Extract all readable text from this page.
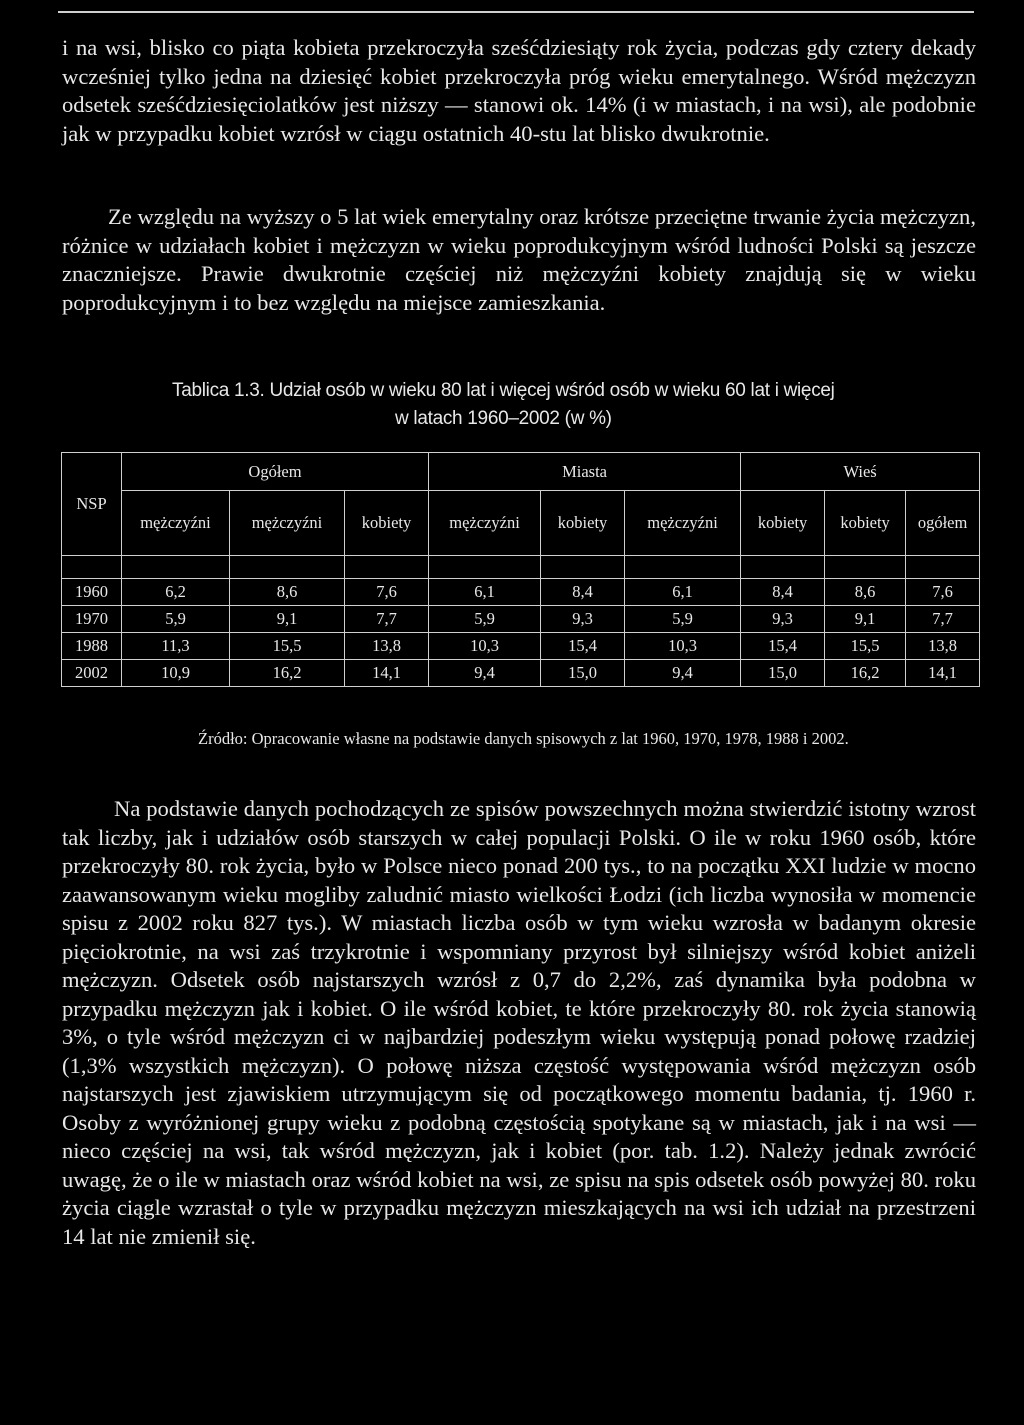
i na wsi, blisko co piąta kobieta przekroczyła sześćdziesiąty rok życia, podczas gdy cztery dekady wcześniej tylko jedna na dziesięć kobiet przekroczyła próg wieku emerytalnego. Wśród mężczyzn odsetek sześćdziesięciolatków jest niższy — stanowi ok. 14% (i w miastach, i na wsi), ale podobnie jak w przypadku kobiet wzrósł w ciągu ostatnich 40-stu lat blisko dwukrotnie.

Ze względu na wyższy o 5 lat wiek emerytalny oraz krótsze przeciętne trwanie życia mężczyzn, różnice w udziałach kobiet i mężczyzn w wieku poprodukcyjnym wśród ludności Polski są jeszcze znaczniejsze. Prawie dwukrotnie częściej niż mężczyźni kobiety znajdują się w wieku poprodukcyjnym i to bez względu na miejsce zamieszkania.

Tablica 1.3. Udział osób w wieku 80 lat i więcej wśród osób w wieku 60 lat i więcej

w latach 1960–2002 (w %)

NSP	Ogółem			Miasta			Wieś		
	mężczyźni	mężczyźni	kobiety	mężczyźni	kobiety	mężczyźni	kobiety	kobiety	ogółem

1960	6,2	8,6	7,6	6,1	8,4	6,1	8,4	8,6	7,6
1970	5,9	9,1	7,7	5,9	9,3	5,9	9,3	9,1	7,7
1988	11,3	15,5	13,8	10,3	15,4	10,3	15,4	15,5	13,8
2002	10,9	16,2	14,1	9,4	15,0	9,4	15,0	16,2	14,1

Źródło: Opracowanie własne na podstawie danych spisowych z lat 1960, 1970, 1978, 1988 i 2002.

Na podstawie danych pochodzących ze spisów powszechnych można stwierdzić istotny wzrost tak liczby, jak i udziałów osób starszych w całej populacji Polski. O ile w roku 1960 osób, które przekroczyły 80. rok życia, było w Polsce nieco ponad 200 tys., to na początku XXI ludzie w mocno zaawansowanym wieku mogliby zaludnić miasto wielkości Łodzi (ich liczba wynosiła w momencie spisu z 2002 roku 827 tys.). W miastach liczba osób w tym wieku wzrosła w badanym okresie pięciokrotnie, na wsi zaś trzykrotnie i wspomniany przyrost był silniejszy wśród kobiet aniżeli mężczyzn. Odsetek osób najstarszych wzrósł z 0,7 do 2,2%, zaś dynamika była podobna w przypadku mężczyzn jak i kobiet. O ile wśród kobiet, te które przekroczyły 80. rok życia stanowią 3%, o tyle wśród mężczyzn ci w najbardziej podeszłym wieku występują ponad połowę rzadziej (1,3% wszystkich mężczyzn). O połowę niższa częstość występowania wśród mężczyzn osób najstarszych jest zjawiskiem utrzymującym się od początkowego momentu badania, tj. 1960 r. Osoby z wyróżnionej grupy wieku z podobną częstością spotykane są w miastach, jak i na wsi — nieco częściej na wsi, tak wśród mężczyzn, jak i kobiet (por. tab. 1.2). Należy jednak zwrócić uwagę, że o ile w miastach oraz wśród kobiet na wsi, ze spisu na spis odsetek osób powyżej 80. roku życia ciągle wzrastał o tyle w przypadku mężczyzn mieszkających na wsi ich udział na przestrzeni 14 lat nie zmienił się.
